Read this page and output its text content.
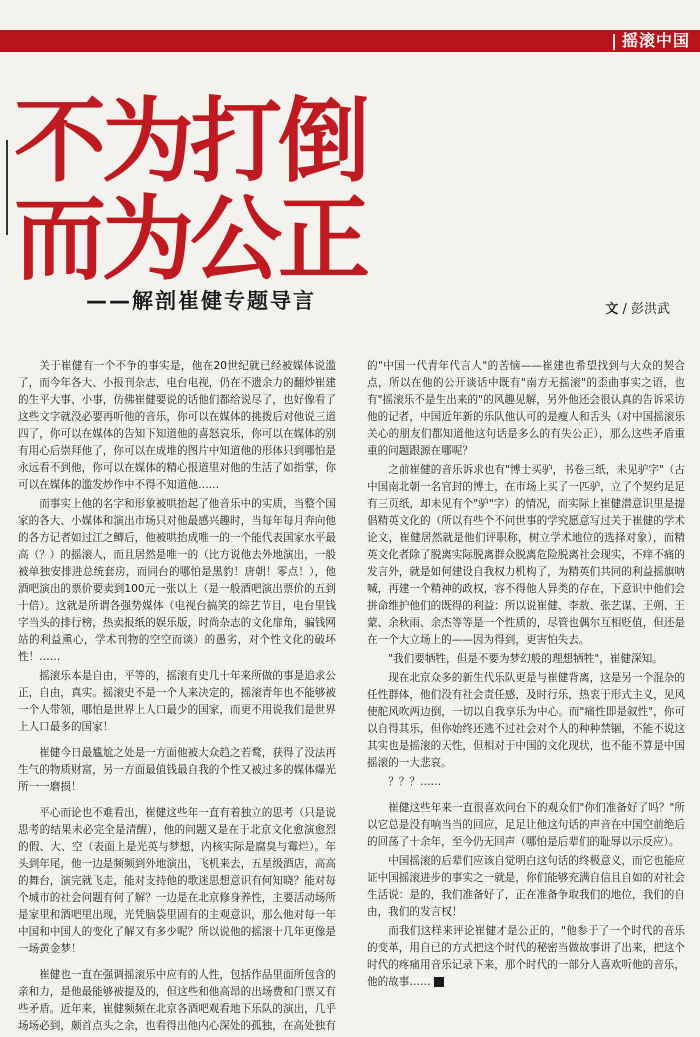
| 摇滚中国
不为打倒
而为公正
——解剖崔健专题导言	文 / 彭洪武

关于崔健有一个不争的事实是，他在20世纪就已经被媒体说滥了，而今年各大、小报刊杂志，电台电视，仍在不遗余力的翻炒崔建的生平大事、小事，仿佛崔健要说的话他们都给说尽了，也好像看了这些文字就没必要再听他的音乐，你可以在媒体的挑拨后对他说三道四了，你可以在媒体的告知下知道他的喜怒哀乐，你可以在媒体的别有用心后崇拜他了，你可以在成堆的图片中知道他的形体只到哪怕是永远看不到他，你可以在媒体的精心报道里对他的生活了如指掌，你可以在媒体的滥发炒作中不得不知道他……

而事实上他的名字和形象被哄抬起了他音乐中的实质，当整个国家的各大、小媒体和演出市场只对他最感兴趣时，当每年每月奔向他的各方记者如过江之鲫后，他被哄抬成唯一的一个能代表国家水平最高（？）的摇滚人，而且居然是唯一的（比方说他去外地演出，一般被单独安排进总统套房，而同台的哪怕是黑豹！唐朝！零点！），他酒吧演出的票价要卖到100元一张以上（是一般酒吧演出票价的五到十倍）。这就是所谓各强势媒体（电视台搞笑的综艺节目，电台里钱字当头的排行榜，热卖报纸的娱乐版，时尚杂志的文化扉角，骗钱网站的利益熏心，学术刊物的空空而谈）的愚劣，对个性文化的破坏性！……

摇滚乐本是自由，平等的，摇滚有史几十年来所做的事是追求公正，自由，真实。摇滚史不是一个人来决定的，摇滚青年也不能够被一个人带领，哪怕是世界上人口最少的国家，而更不用说我们是世界上人口最多的国家！

崔健今日最尴尬之处是一方面他被大众趋之若鹜，获得了没法再生气的物质财富，另一方面最值钱最自我的个性又被过多的媒体爆光所一一磨损！

平心而论也不难看出，崔健这些年一直有着独立的思考（只是说思考的结果未必完全是清醒），他的问题又是在于北京文化愈演愈烈的假、大、空（表面上是光英与梦想，内核实际是腐臭与霉烂）。年头到年尾，他一边是频频到外地演出，飞机来去，五星级酒店，高高的舞台，演完就飞走，能对支持他的歌迷思想意识有何知晓？能对每个城市的社会问题有何了解？一边是在北京修身养性，主要活动场所是家里和酒吧里出现，光凭脑袋里固有的主观意识，那么他对每一年中国和中国人的变化了解又有多少呢？所以说他的摇滚十几年更像是一场黄金梦！

崔健也一直在强调摇滚乐中应有的人性，包括作品里面所包含的亲和力，是他最能够被提及的，但这些和他高昂的出场费和门票又有些矛盾。近年来，崔健频频在北京各酒吧观看地下乐队的演出，几乎场场必到，颇首点头之余，也看得出他内心深处的孤独，在高处独有

的"中国一代青年代言人"的苦恼——崔建也希望找到与大众的契合点，所以在他的公开谈话中既有"南方无摇滚"的歪曲事实之语，也有"摇滚乐不是生出来的"的风趣见解，另外他还会很认真的告诉采访他的记者，中国近年新的乐队他认可的是瘦人和舌头（对中国摇滚乐关心的朋友们都知道他这句话是多么的有失公正），那么这些矛盾重重的问题跟源在哪呢？

之前崔健的音乐诉求也有"博士买驴，书卷三纸，未见驴字"（古中国南北朝一名官封的博士，在市场上买了一匹驴，立了个契约足足有三页纸，却未见有个"驴"字）的情况，而实际上崔健潜意识里是提倡精英文化的（所以有些个不问世事的学究愿意写过关于崔健的学术论文，崔健居然就是他们评职称，树立学术地位的选择对象），而精英文化者除了脱离实际脱离群众脱离危险脱离社会现实，不痒不痛的发言外，就是如何建设自我权力机构了，为精英们共同的利益摇旗呐喊，再建一个精神的政权，容不得他人异类的存在，下意识中他们会拼命维护他们的既得的利益：所以说崔健、李敖、张艺谋、王朔、王蒙、余秋雨、余杰等等是一个性质的，尽管也偶尔互相贬值，但还是在一个大立场上的——因为得到，更害怕失去。

"我们要牺牲，但是不要为梦幻般的理想牺牲"，崔健深知。

现在北京众多的新生代乐队更是与崔健背离，这是另一个混杂的任性群体，他们没有社会责任感，及时行乐，热衷于形式主义，见风使舵风吹两边倒，一切以自我享乐为中心。而"痛性即是叙性"，你可以自得其乐，但你始终还逃不过社会对个人的种种禁锢，不能不说这其实也是摇滚的天性，但相对于中国的文化现状，也不能不算是中国摇滚的一大悲哀。

？？？……

崔健这些年来一直很喜欢问台下的观众们"你们准备好了吗？"所以它总是没有响当当的回应，足足让他这句话的声音在中国空前绝后的回荡了十余年，至今仍无回声（哪怕是后辈们的耻辱以示反应）。

中国摇滚的后辈们应该自觉明白这句话的终极意义，而它也能应证中国摇滚进步的事实之一就是，你们能够充满自信且自如的对社会生活说：是的，我们准备好了，正在准备争取我们的地位，我们的自由，我们的发言权！

而我们这样来评论崔健才是公正的，"他参于了一个时代的音乐的变革，用自已的方式把这个时代的秘密当做故事讲了出来，把这个时代的疼痛用音乐记录下来，那个时代的一部分人喜欢听他的音乐，他的故事……
